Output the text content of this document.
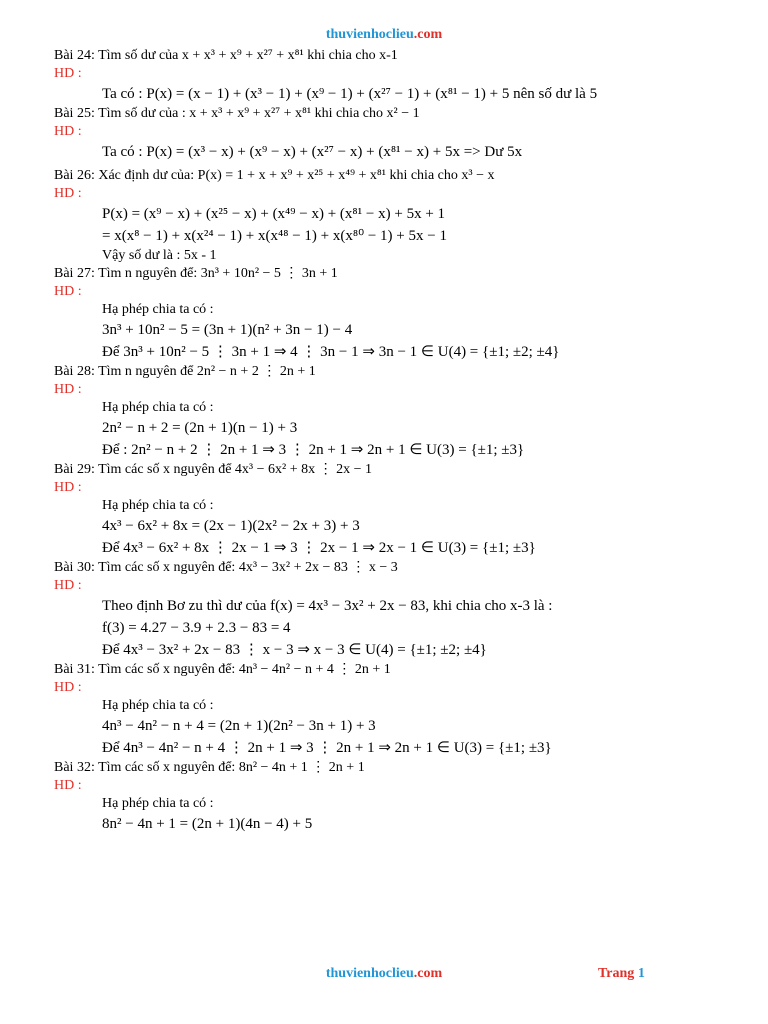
thuvienhoclieu.com
Bài 24: Tìm số dư của x + x³ + x⁹ + x²⁷ + x⁸¹ khi chia cho x-1
HD :
Ta có : P(x) = (x − 1) + (x³ − 1) + (x⁹ − 1) + (x²⁷ − 1) + (x⁸¹ − 1) + 5 nên số dư là 5
Bài 25: Tìm số dư của : x + x³ + x⁹ + x²⁷ + x⁸¹ khi chia cho x² − 1
HD :
Ta có : P(x) = (x³ − x) + (x⁹ − x) + (x²⁷ − x) + (x⁸¹ − x) + 5x => Dư 5x
Bài 26: Xác định dư của: P(x) = 1 + x + x⁹ + x²⁵ + x⁴⁹ + x⁸¹ khi chia cho x³ − x
HD :
P(x) = (x⁹ − x) + (x²⁵ − x) + (x⁴⁹ − x) + (x⁸¹ − x) + 5x + 1
= x(x⁸ − 1) + x(x²⁴ − 1) + x(x⁴⁸ − 1) + x(x⁸⁰ − 1) + 5x − 1
Vậy số dư là : 5x - 1
Bài 27: Tìm n nguyên để: 3n³ + 10n² − 5 ⋮ 3n + 1
HD :
Hạ phép chia ta có :
3n³ + 10n² − 5 = (3n + 1)(n² + 3n − 1) − 4
Để 3n³ + 10n² − 5 ⋮ 3n + 1 ⇒ 4 ⋮ 3n − 1 ⇒ 3n − 1 ∈ U(4) = {±1; ±2; ±4}
Bài 28: Tìm n nguyên để 2n² − n + 2 ⋮ 2n + 1
HD :
Hạ phép chia ta có :
2n² − n + 2 = (2n + 1)(n − 1) + 3
Để : 2n² − n + 2 ⋮ 2n + 1 ⇒ 3 ⋮ 2n + 1 ⇒ 2n + 1 ∈ U(3) = {±1; ±3}
Bài 29: Tìm các số x nguyên để 4x³ − 6x² + 8x ⋮ 2x − 1
HD :
Hạ phép chia ta có :
4x³ − 6x² + 8x = (2x − 1)(2x² − 2x + 3) + 3
Để 4x³ − 6x² + 8x ⋮ 2x − 1 ⇒ 3 ⋮ 2x − 1 ⇒ 2x − 1 ∈ U(3) = {±1; ±3}
Bài 30: Tìm các số x nguyên để: 4x³ − 3x² + 2x − 83 ⋮ x − 3
HD :
Theo định Bơ zu thì dư của f(x) = 4x³ − 3x² + 2x − 83, khi chia cho x-3 là :
f(3) = 4.27 − 3.9 + 2.3 − 83 = 4
Để 4x³ − 3x² + 2x − 83 ⋮ x − 3 ⇒ x − 3 ∈ U(4) = {±1; ±2; ±4}
Bài 31: Tìm các số x nguyên để: 4n³ − 4n² − n + 4 ⋮ 2n + 1
HD :
Hạ phép chia ta có :
4n³ − 4n² − n + 4 = (2n + 1)(2n² − 3n + 1) + 3
Để 4n³ − 4n² − n + 4 ⋮ 2n + 1 ⇒ 3 ⋮ 2n + 1 ⇒ 2n + 1 ∈ U(3) = {±1; ±3}
Bài 32: Tìm các số x nguyên để: 8n² − 4n + 1 ⋮ 2n + 1
HD :
Hạ phép chia ta có :
8n² − 4n + 1 = (2n + 1)(4n − 4) + 5
thuvienhoclieu.com	Trang 1
